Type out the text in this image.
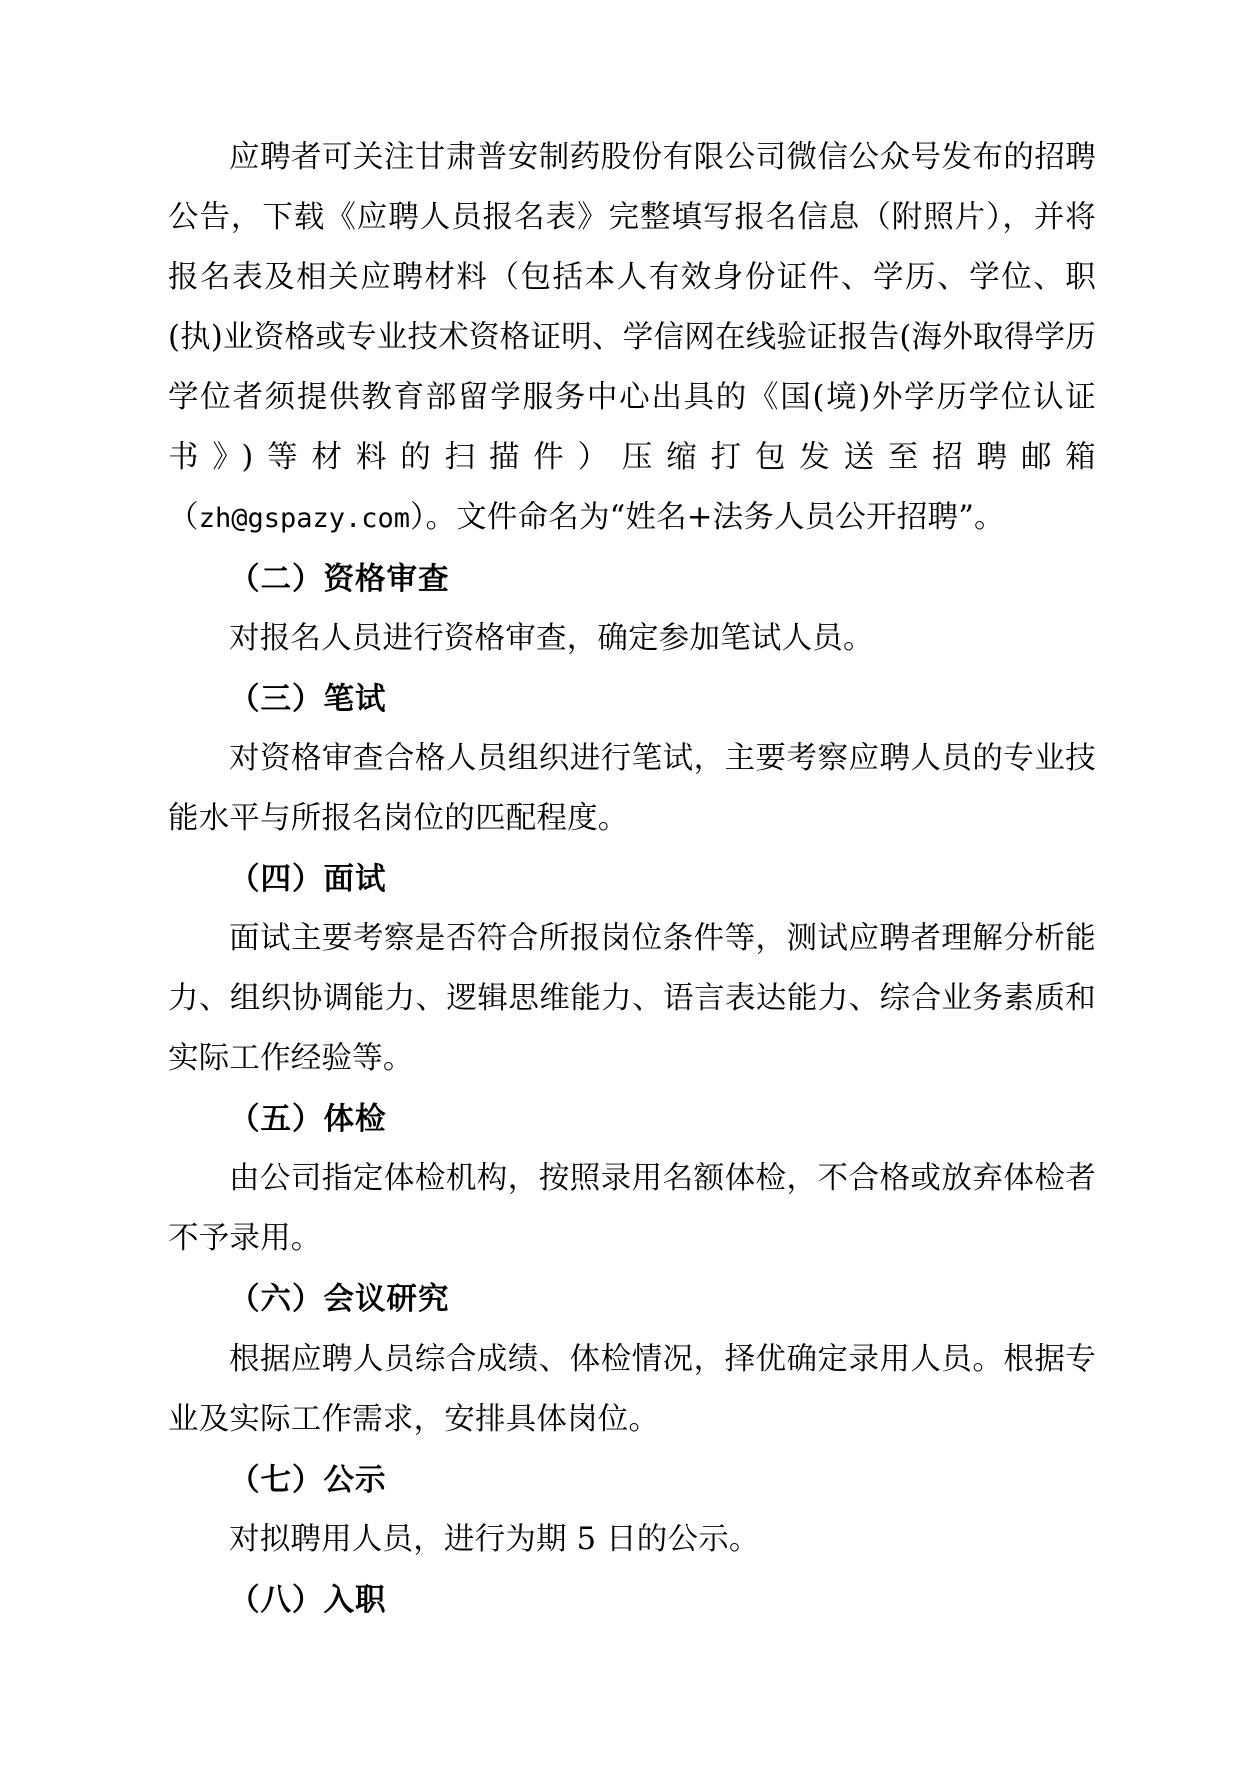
应聘者可关注甘肃普安制药股份有限公司微信公众号发布的招聘公告，下载《应聘人员报名表》完整填写报名信息（附照片），并将报名表及相关应聘材料（包括本人有效身份证件、学历、学位、职(执)业资格或专业技术资格证明、学信网在线验证报告(海外取得学历学位者须提供教育部留学服务中心出具的《国(境)外学历学位认证书》)等材料的扫描件）压缩打包发送至招聘邮箱（zh@gspazy.com）。文件命名为“姓名+法务人员公开招聘”。

（二）资格审查

对报名人员进行资格审查，确定参加笔试人员。

（三）笔试

对资格审查合格人员组织进行笔试，主要考察应聘人员的专业技能水平与所报名岗位的匹配程度。

（四）面试

面试主要考察是否符合所报岗位条件等，测试应聘者理解分析能力、组织协调能力、逻辑思维能力、语言表达能力、综合业务素质和实际工作经验等。

（五）体检

由公司指定体检机构，按照录用名额体检，不合格或放弃体检者不予录用。

（六）会议研究

根据应聘人员综合成绩、体检情况，择优确定录用人员。根据专业及实际工作需求，安排具体岗位。

（七）公示

对拟聘用人员，进行为期 5 日的公示。

（八）入职
